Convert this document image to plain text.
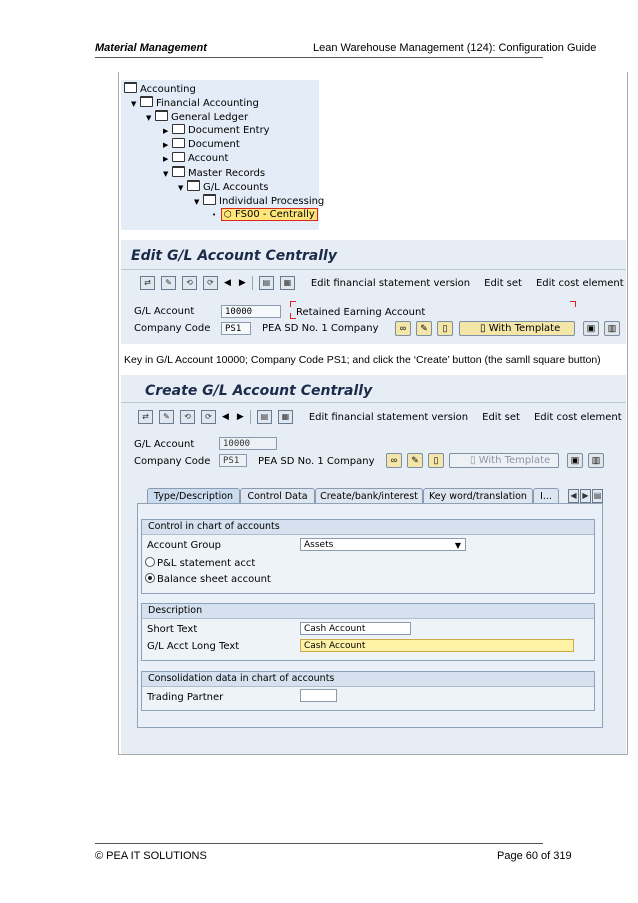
Material Management	Lean Warehouse Management (124): Configuration Guide
Accounting
▼ Financial Accounting
▼ General Ledger
▶ Document Entry
▶ Document
▶ Account
▼ Master Records
▼ G/L Accounts
▼ Individual Processing
• ⬡ FS00 - Centrally
Edit G/L Account Centrally
⇄	✎	⟲	⟳	◀ ▶	▤	▦	Edit financial statement version Edit set Edit cost element
G/L Account	10000	Retained Earning Account
Company Code	PS1	PEA SD No. 1 Company	∞	✎	▯	▯ With Template	▣	▥
Key in G/L Account 10000; Company Code PS1; and click the ‘Create’ button (the samll square button)
Create G/L Account Centrally
⇄	✎	⟲	⟳	◀ ▶	▤	▦	Edit financial statement version Edit set Edit cost element
G/L Account	10000
Company Code	PS1	PEA SD No. 1 Company	∞	✎	▯	▯ With Template	▣	▥
Type/Description	Control Data	Create/bank/interest	Key word/translation	I...	◀ ▶ ▤
Control in chart of accounts
Account Group	Assets	▼
P&L statement acct
Balance sheet account
Description
Short Text	Cash Account
G/L Acct Long Text	Cash Account
Consolidation data in chart of accounts
Trading Partner
© PEA IT SOLUTIONS	Page 60 of 319
